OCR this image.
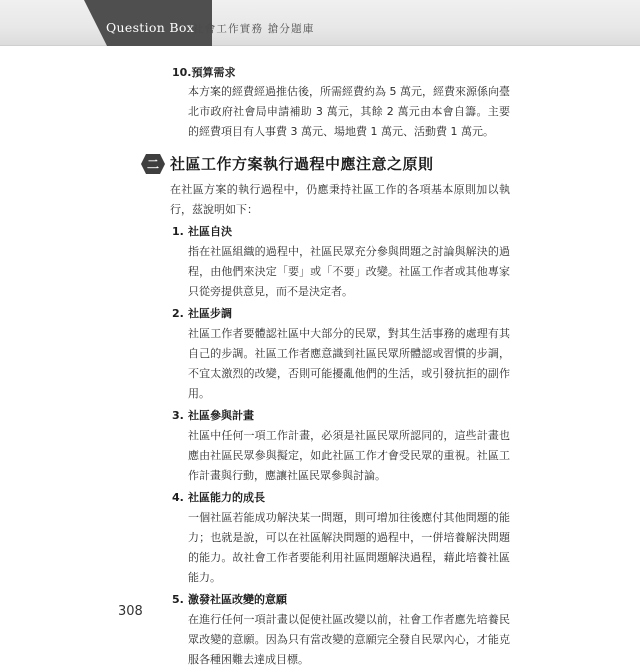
Question Box
社會工作實務 搶分題庫

10.預算需求

本方案的經費經過推估後，所需經費約為 5 萬元，經費來源係向臺北市政府社會局申請補助 3 萬元，其餘 2 萬元由本會自籌。主要的經費項目有人事費 3 萬元、場地費 1 萬元、活動費 1 萬元。

二 社區工作方案執行過程中應注意之原則

在社區方案的執行過程中，仍應秉持社區工作的各項基本原則加以執行，茲說明如下：

1. 社區自決

指在社區組織的過程中，社區民眾充分參與問題之討論與解決的過程，由他們來決定「要」或「不要」改變。社區工作者或其他專家只從旁提供意見，而不是決定者。

2. 社區步調

社區工作者要體認社區中大部分的民眾，對其生活事務的處理有其自己的步調。社區工作者應意識到社區民眾所體認或習慣的步調，不宜太激烈的改變，否則可能擾亂他們的生活，或引發抗拒的副作用。

3. 社區參與計畫

社區中任何一項工作計畫，必須是社區民眾所認同的，這些計畫也應由社區民眾參與擬定，如此社區工作才會受民眾的重視。社區工作計畫與行動，應讓社區民眾參與討論。

4. 社區能力的成長

一個社區若能成功解決某一問題，則可增加往後應付其他問題的能力；也就是說，可以在社區解決問題的過程中，一併培養解決問題的能力。故社會工作者要能利用社區問題解決過程，藉此培養社區能力。

5. 激發社區改變的意願

在進行任何一項計畫以促使社區改變以前，社會工作者應先培養民眾改變的意願。因為只有當改變的意願完全發自民眾內心，才能克服各種困難去達成目標。

308
